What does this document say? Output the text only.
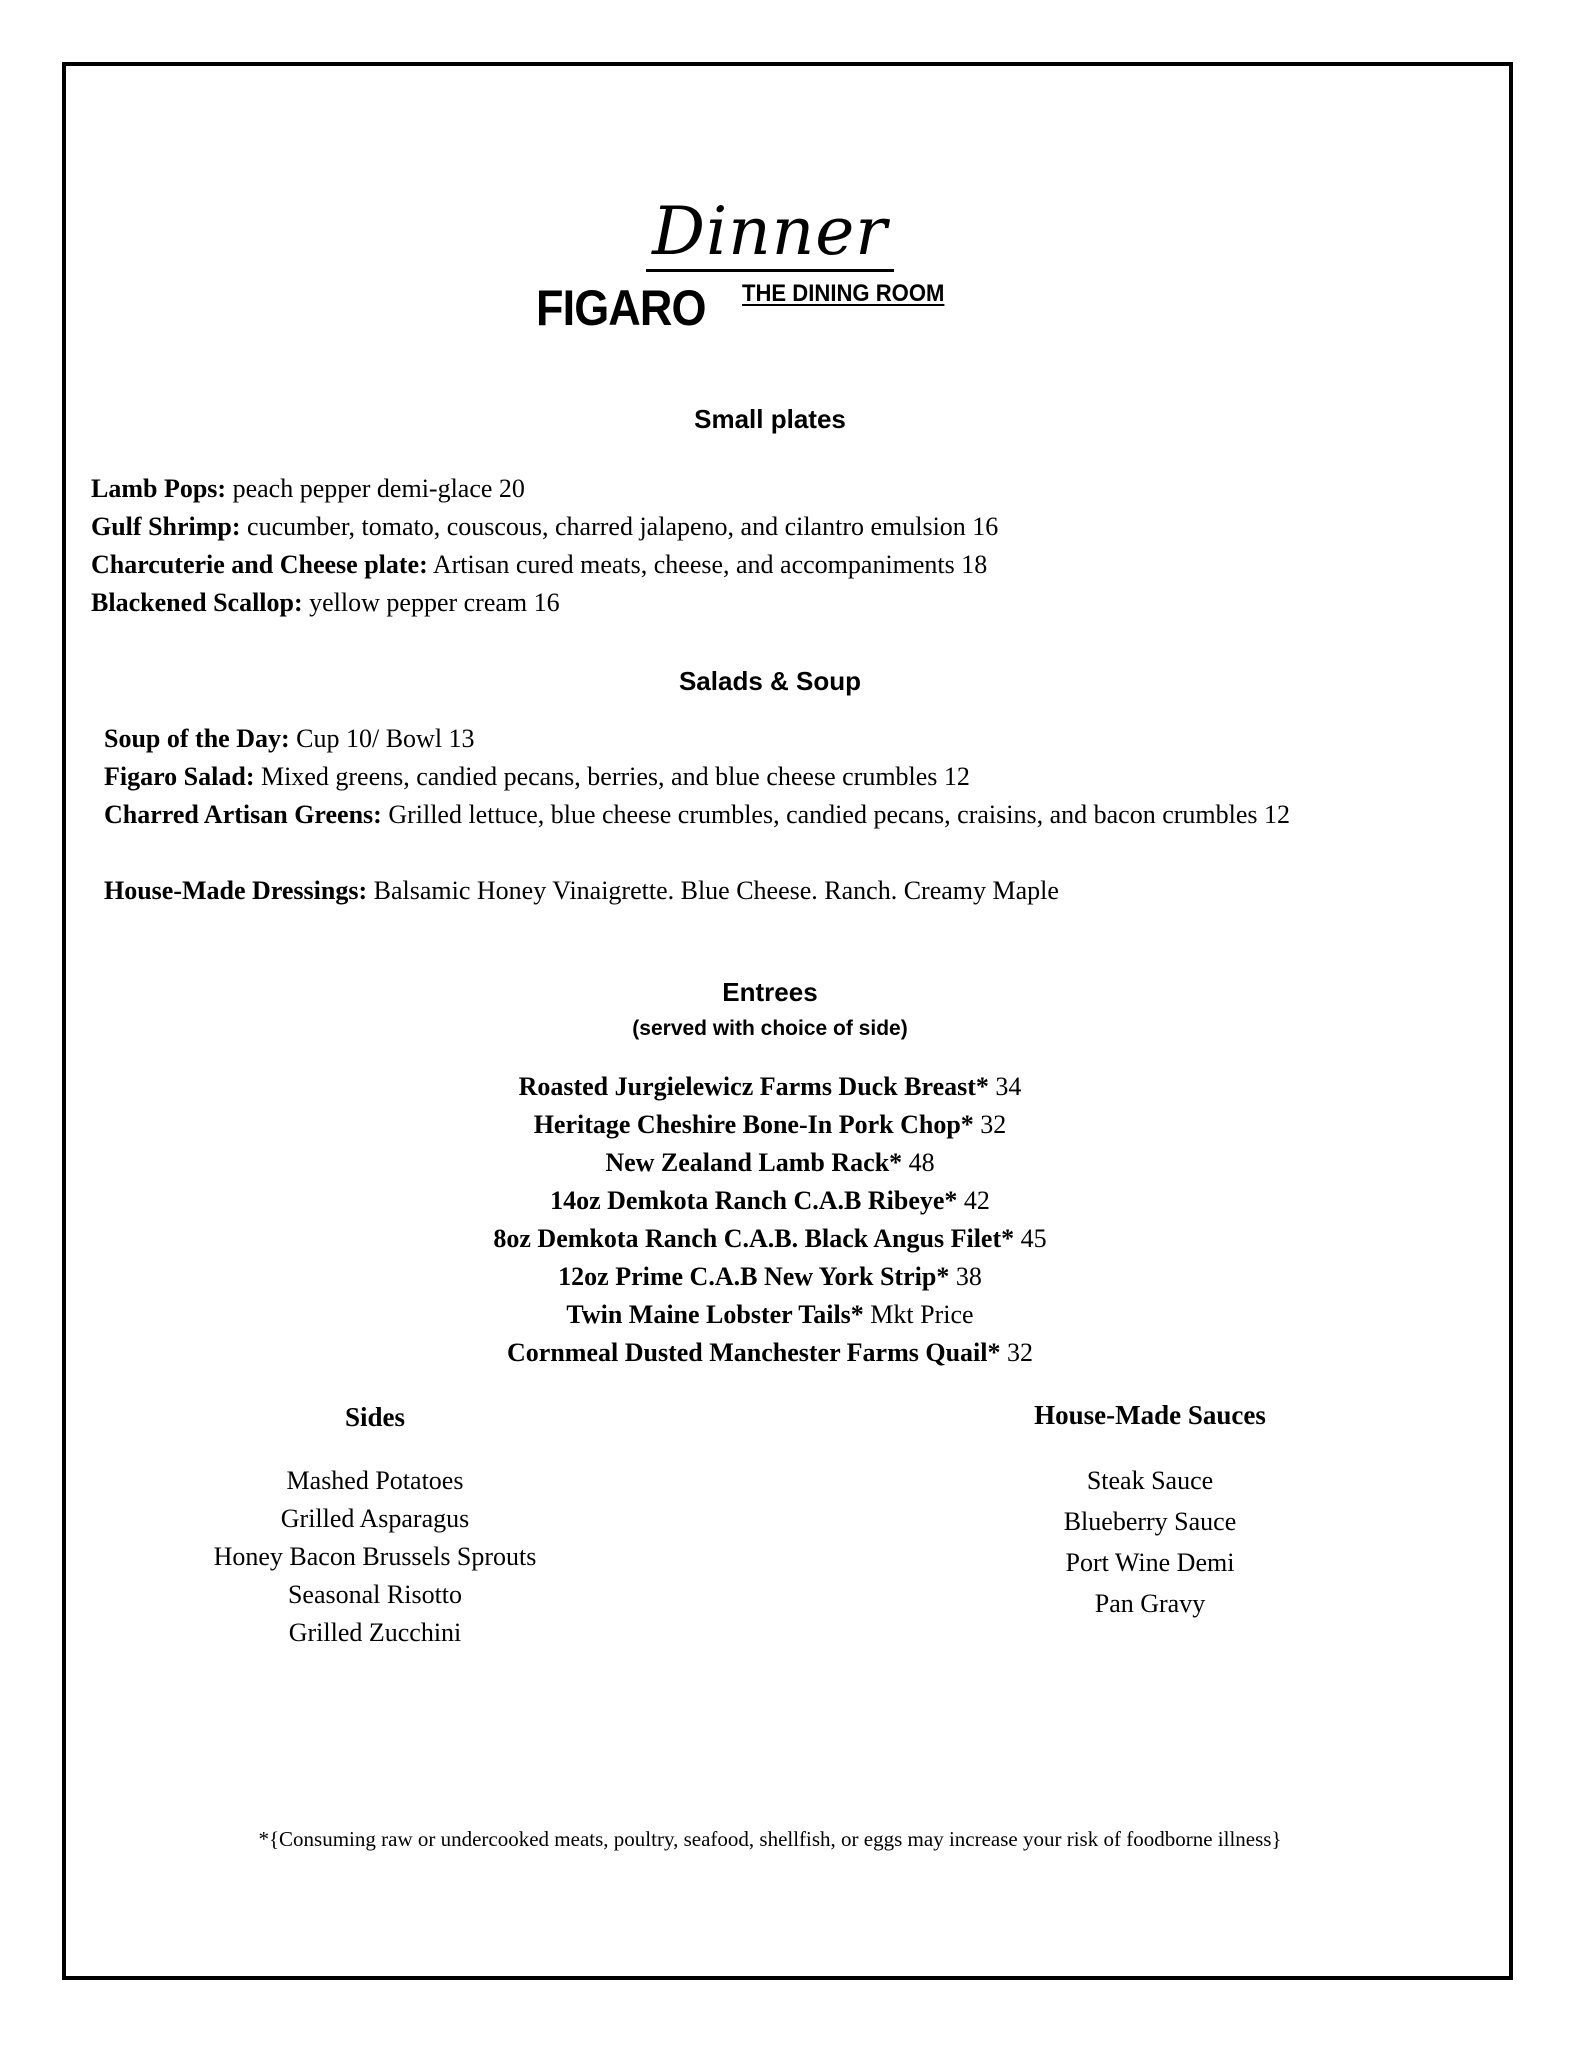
Dinner
FIGARO THE DINING ROOM
Small plates
Lamb Pops: peach pepper demi-glace 20
Gulf Shrimp: cucumber, tomato, couscous, charred jalapeno, and cilantro emulsion 16
Charcuterie and Cheese plate: Artisan cured meats, cheese, and accompaniments 18
Blackened Scallop: yellow pepper cream 16
Salads & Soup
Soup of the Day: Cup 10/ Bowl 13
Figaro Salad: Mixed greens, candied pecans, berries, and blue cheese crumbles 12
Charred Artisan Greens: Grilled lettuce, blue cheese crumbles, candied pecans, craisins, and bacon crumbles 12
House-Made Dressings: Balsamic Honey Vinaigrette. Blue Cheese. Ranch. Creamy Maple
Entrees
(served with choice of side)
Roasted Jurgielewicz Farms Duck Breast* 34
Heritage Cheshire Bone-In Pork Chop* 32
New Zealand Lamb Rack* 48
14oz Demkota Ranch C.A.B Ribeye* 42
8oz Demkota Ranch C.A.B. Black Angus Filet* 45
12oz Prime C.A.B New York Strip* 38
Twin Maine Lobster Tails* Mkt Price
Cornmeal Dusted Manchester Farms Quail* 32
Sides
Mashed Potatoes
Grilled Asparagus
Honey Bacon Brussels Sprouts
Seasonal Risotto
Grilled Zucchini
House-Made Sauces
Steak Sauce
Blueberry Sauce
Port Wine Demi
Pan Gravy
*{Consuming raw or undercooked meats, poultry, seafood, shellfish, or eggs may increase your risk of foodborne illness}
